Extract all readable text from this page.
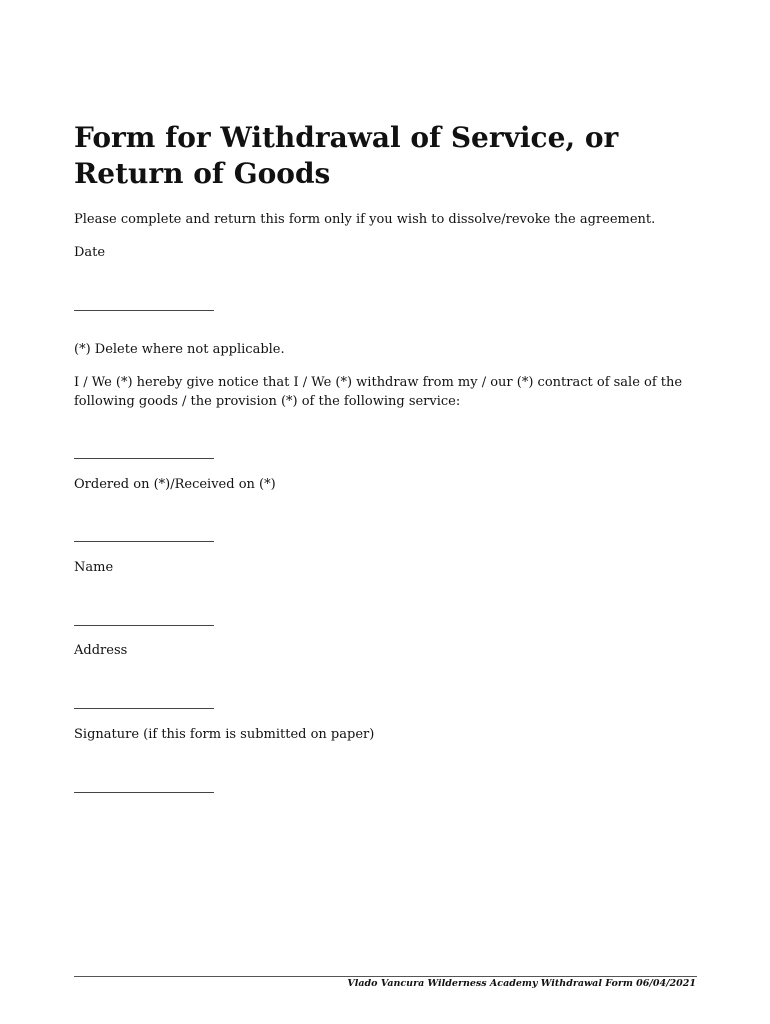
Form for Withdrawal of Service, or Return of Goods

Please complete and return this form only if you wish to dissolve/revoke the agreement.

Date

(*) Delete where not applicable.

I / We (*) hereby give notice that I / We (*) withdraw from my / our (*) contract of sale of the following goods / the provision (*) of the following service:

Ordered on (*)/Received on (*)

Name

Address

Signature (if this form is submitted on paper)

Vlado Vancura Wilderness Academy Withdrawal Form 06/04/2021
